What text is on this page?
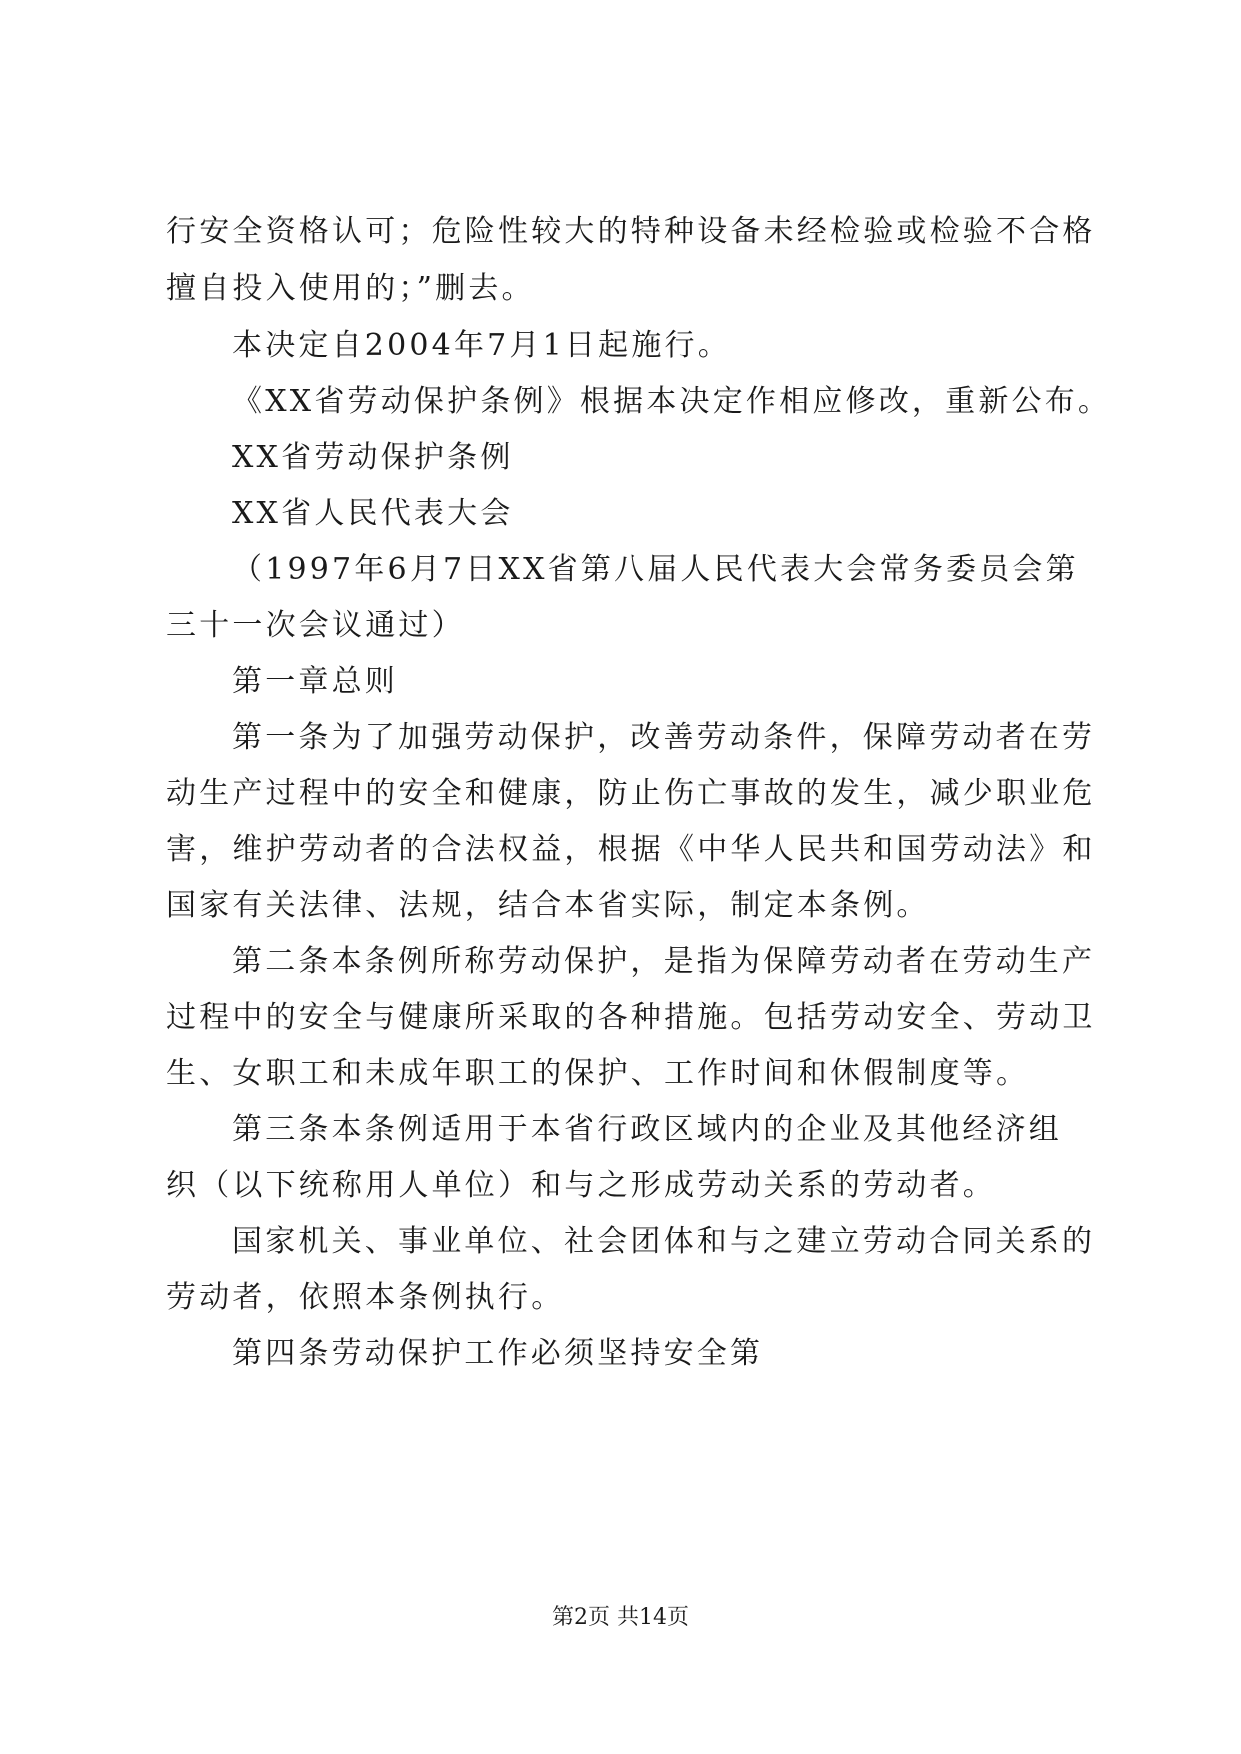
行安全资格认可；危险性较大的特种设备未经检验或检验不合格

擅自投入使用的；”删去。

本决定自2004年7月1日起施行。

《XX省劳动保护条例》根据本决定作相应修改，重新公布。

XX省劳动保护条例

XX省人民代表大会

（1997年6月7日XX省第八届人民代表大会常务委员会第

三十一次会议通过）

第一章总则

第一条为了加强劳动保护，改善劳动条件，保障劳动者在劳

动生产过程中的安全和健康，防止伤亡事故的发生，减少职业危

害，维护劳动者的合法权益，根据《中华人民共和国劳动法》和

国家有关法律、法规，结合本省实际，制定本条例。

第二条本条例所称劳动保护，是指为保障劳动者在劳动生产

过程中的安全与健康所采取的各种措施。包括劳动安全、劳动卫

生、女职工和未成年职工的保护、工作时间和休假制度等。

第三条本条例适用于本省行政区域内的企业及其他经济组

织（以下统称用人单位）和与之形成劳动关系的劳动者。

国家机关、事业单位、社会团体和与之建立劳动合同关系的

劳动者，依照本条例执行。

第四条劳动保护工作必须坚持安全第

第2页 共14页
